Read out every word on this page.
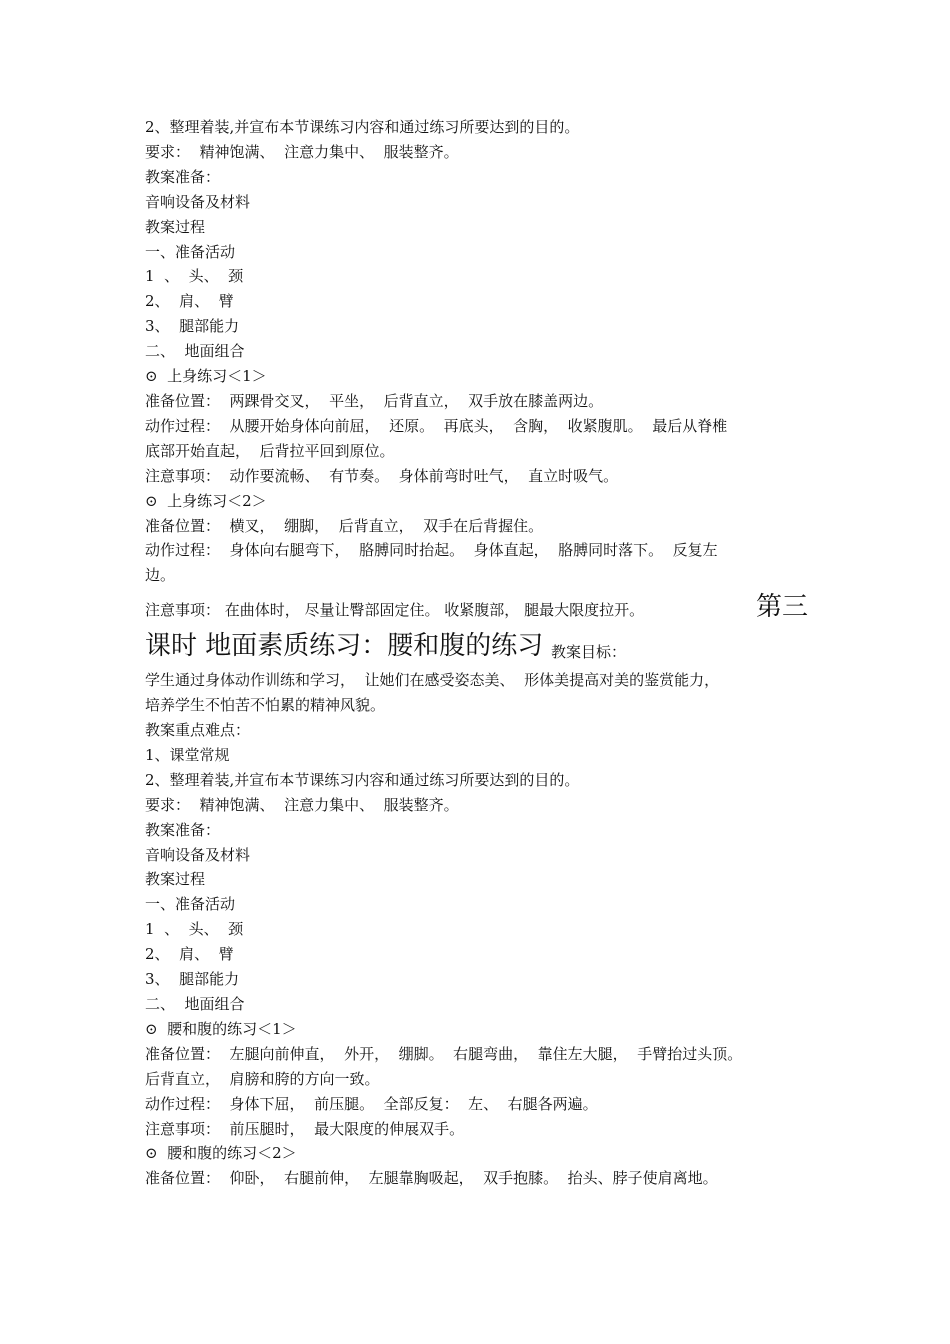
2、整理着装,并宣布本节课练习内容和通过练习所要达到的目的。

要求：  精神饱满、  注意力集中、  服装整齐。

教案准备：

音响设备及材料

教案过程

一、准备活动

1  、  头、  颈

2、  肩、  臂

3、  腿部能力

二、  地面组合

⊙  上身练习＜1＞

准备位置：  两踝骨交叉，  平坐，  后背直立，  双手放在膝盖两边。

动作过程：  从腰开始身体向前屈，  还原。  再底头，  含胸，  收紧腹肌。  最后从脊椎

底部开始直起，  后背拉平回到原位。

注意事项：  动作要流畅、  有节奏。  身体前弯时吐气，  直立时吸气。

⊙  上身练习＜2＞

准备位置：  横叉，  绷脚，  后背直立，  双手在后背握住。

动作过程：  身体向右腿弯下，  胳膊同时抬起。  身体直起，  胳膊同时落下。  反复左

边。

注意事项： 在曲体时， 尽量让臀部固定住。 收紧腹部， 腿最大限度拉开。	第三
课时 地面素质练习：腰和腹的练习 教案目标：

学生通过身体动作训练和学习，  让她们在感受姿态美、  形体美提高对美的鉴赏能力，

培养学生不怕苦不怕累的精神风貌。

教案重点难点：

1、课堂常规

2、整理着装,并宣布本节课练习内容和通过练习所要达到的目的。

要求：  精神饱满、  注意力集中、  服装整齐。

教案准备：

音响设备及材料

教案过程

一、准备活动

1  、  头、  颈

2、  肩、  臂

3、  腿部能力

二、  地面组合

⊙  腰和腹的练习＜1＞

准备位置：  左腿向前伸直，  外开，  绷脚。  右腿弯曲，  靠住左大腿，  手臂抬过头顶。

后背直立，  肩膀和胯的方向一致。

动作过程：  身体下屈，  前压腿。  全部反复：  左、  右腿各两遍。

注意事项：  前压腿时，  最大限度的伸展双手。

⊙  腰和腹的练习＜2＞

准备位置：  仰卧，  右腿前伸，  左腿靠胸吸起，  双手抱膝。  抬头、脖子使肩离地。
